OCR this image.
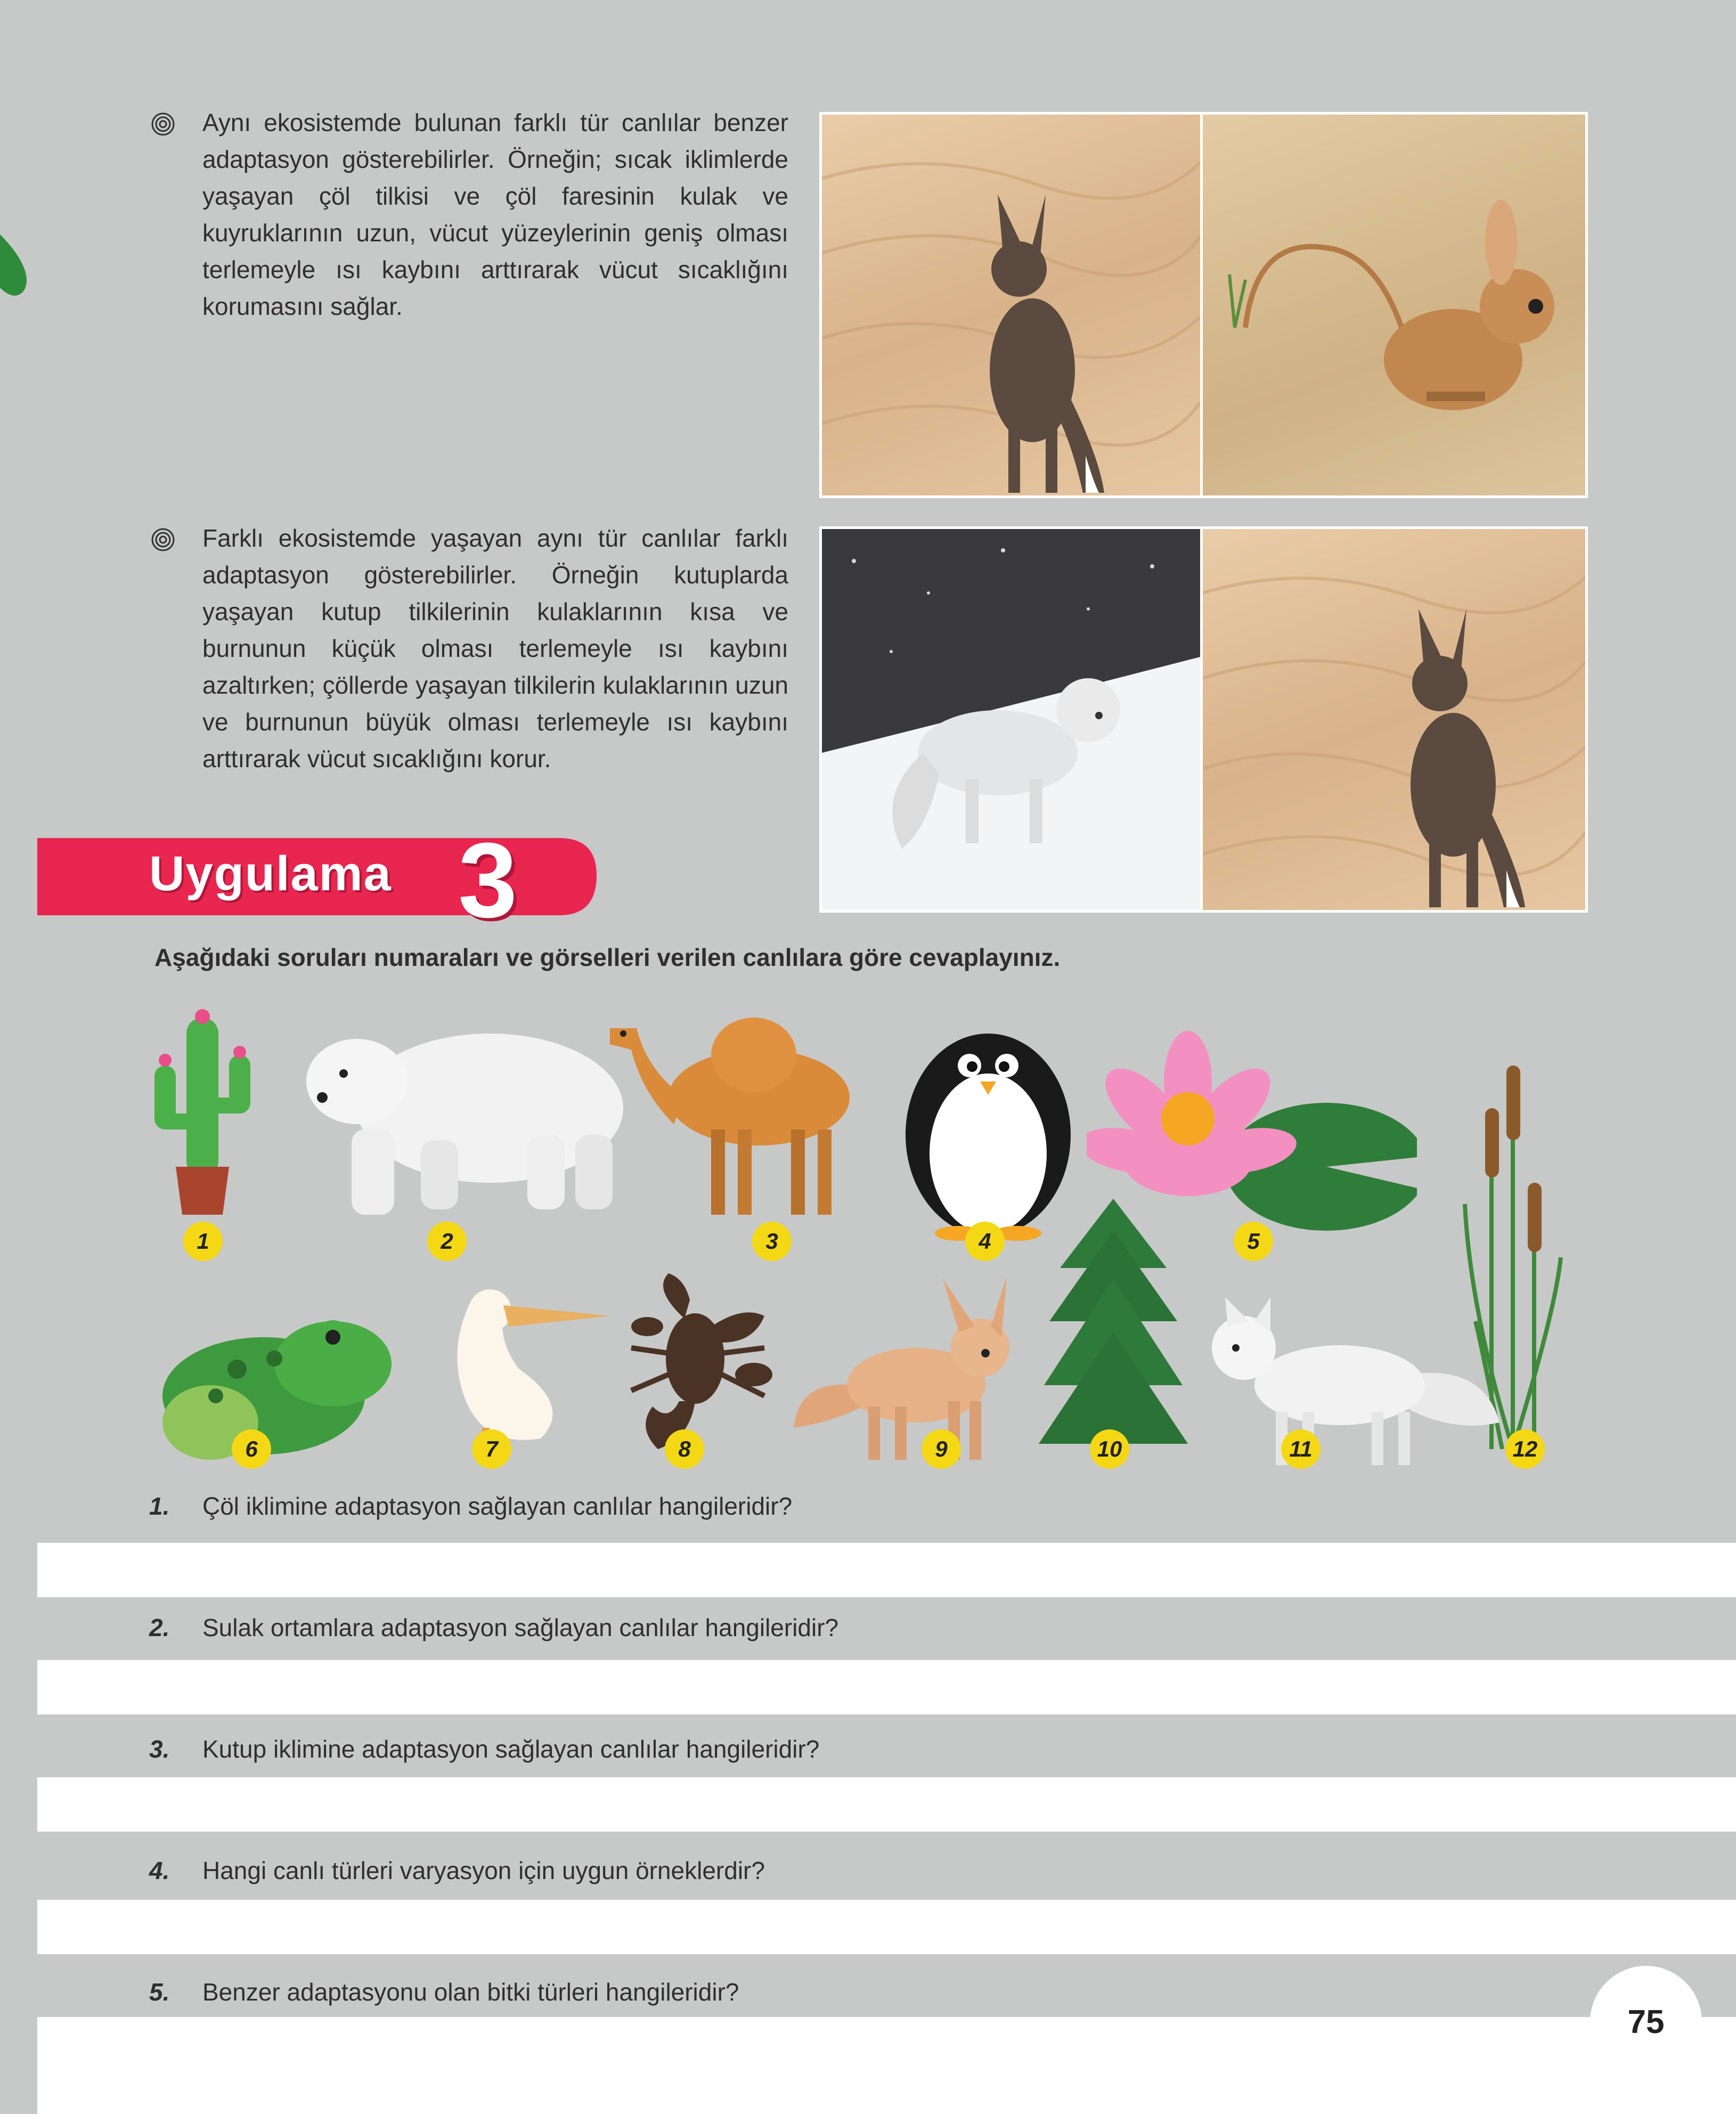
Aynı ekosistemde bulunan farklı tür canlılar benzer adaptasyon gösterebilirler. Örneğin; sıcak iklimlerde yaşayan çöl tilkisi ve çöl faresinin kulak ve kuyruklarının uzun, vücut yüzeylerinin geniş olması terlemeyle ısı kaybını arttırarak vücut sıcaklığını korumasını sağlar.
Farklı ekosistemde yaşayan aynı tür canlılar farklı adaptasyon gösterebilirler. Örneğin kutuplarda yaşayan kutup tilkilerinin kulaklarının kısa ve burnunun küçük olması terlemeyle ısı kaybını azaltırken; çöllerde yaşayan tilkilerin kulaklarının uzun ve burnunun büyük olması terlemeyle ısı kaybını arttırarak vücut sıcaklığını korur.
Uygulama 3
Aşağıdaki soruları numaraları ve görselleri verilen canlılara göre cevaplayınız.
1	2	3	4	5
6	7	8	9	10	11	12
1. Çöl iklimine adaptasyon sağlayan canlılar hangileridir?
2. Sulak ortamlara adaptasyon sağlayan canlılar hangileridir?
3. Kutup iklimine adaptasyon sağlayan canlılar hangileridir?
4. Hangi canlı türleri varyasyon için uygun örneklerdir?
5. Benzer adaptasyonu olan bitki türleri hangileridir?
75
